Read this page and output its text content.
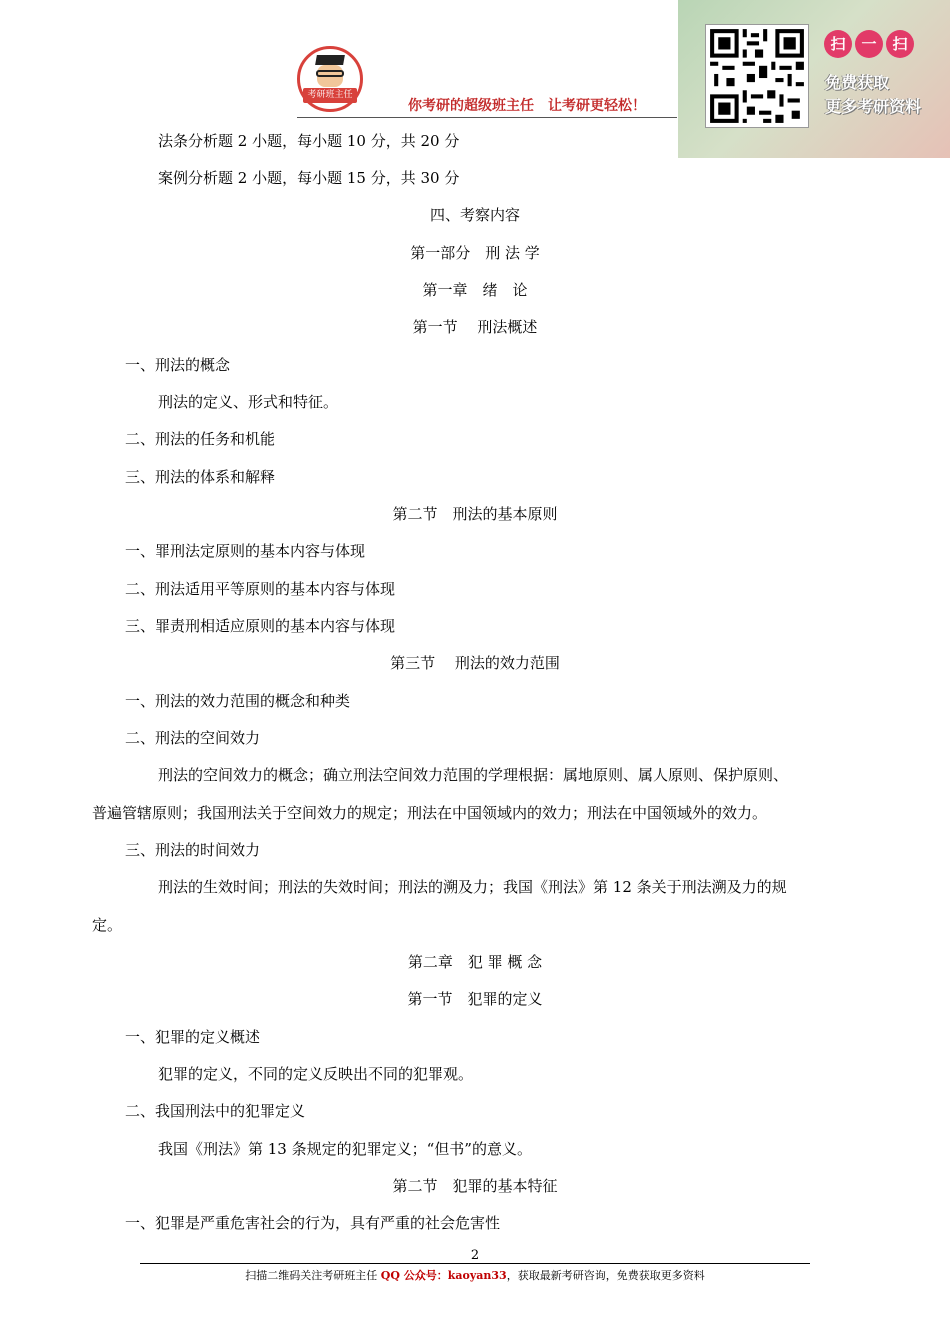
考研班主任
你考研的超级班主任　让考研更轻松！
扫	一	扫
免费获取
更多考研资料
法条分析题 2 小题，每小题 10 分，共 20 分
案例分析题 2 小题，每小题 15 分，共 30 分
四、考察内容
第一部分　刑 法 学
第一章　绪　论
第一节　 刑法概述
一、刑法的概念
刑法的定义、形式和特征。
二、刑法的任务和机能
三、刑法的体系和解释
第二节　刑法的基本原则
一、罪刑法定原则的基本内容与体现
二、刑法适用平等原则的基本内容与体现
三、罪责刑相适应原则的基本内容与体现
第三节　 刑法的效力范围
一、刑法的效力范围的概念和种类
二、刑法的空间效力
刑法的空间效力的概念；确立刑法空间效力范围的学理根据：属地原则、属人原则、保护原则、
普遍管辖原则；我国刑法关于空间效力的规定；刑法在中国领域内的效力；刑法在中国领域外的效力。
三、刑法的时间效力
刑法的生效时间；刑法的失效时间；刑法的溯及力；我国《刑法》第 12 条关于刑法溯及力的规
定。
第二章　犯 罪 概 念
第一节　犯罪的定义
一、犯罪的定义概述
犯罪的定义，不同的定义反映出不同的犯罪观。
二、我国刑法中的犯罪定义
我国《刑法》第 13 条规定的犯罪定义；“但书”的意义。
第二节　犯罪的基本特征
一、犯罪是严重危害社会的行为，具有严重的社会危害性
2
扫描二维码关注考研班主任 QQ 公众号：kaoyan33，获取最新考研咨询，免费获取更多资料
